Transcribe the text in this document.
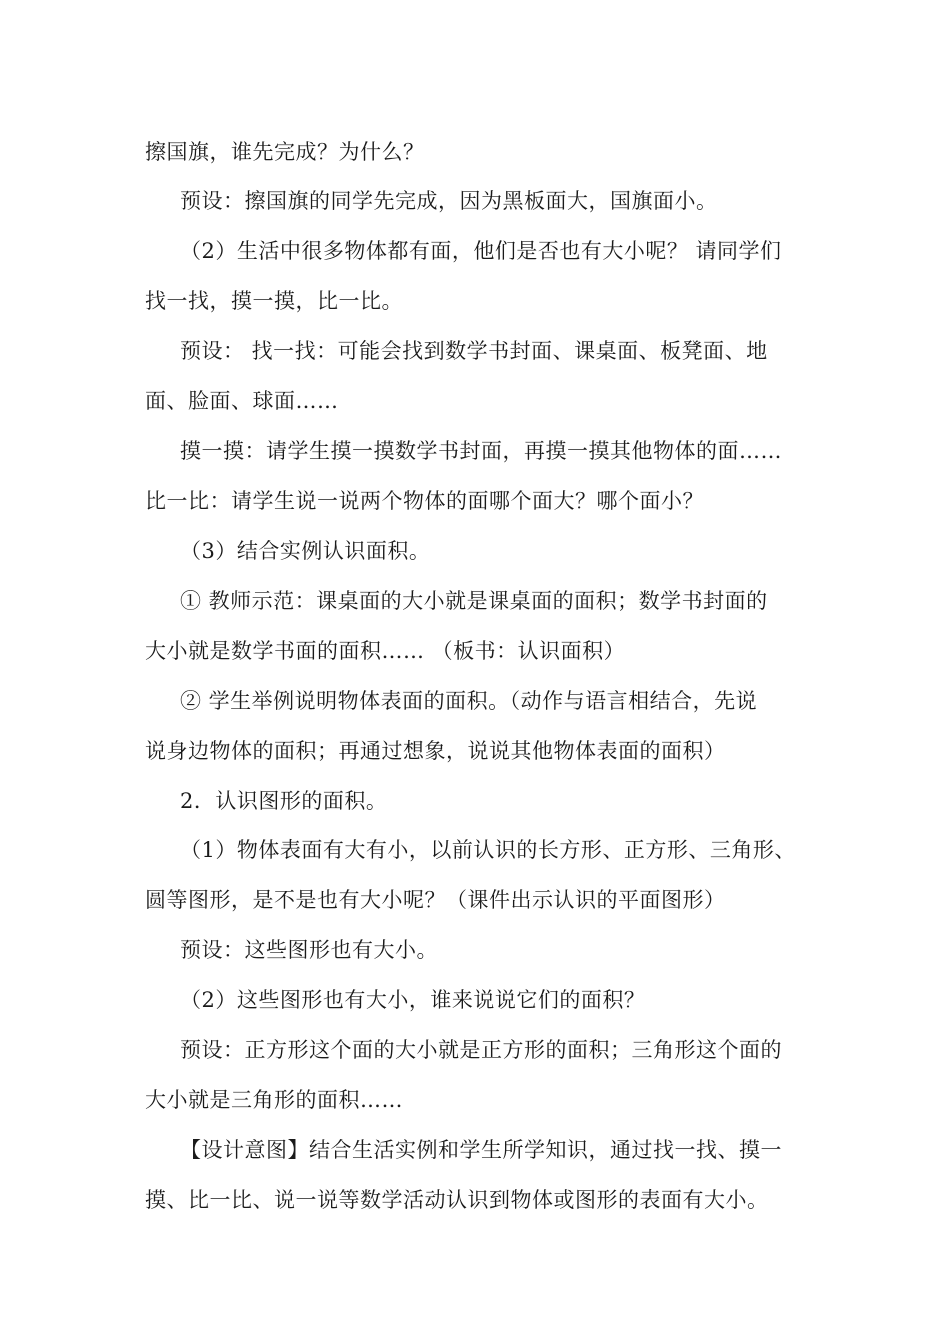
擦国旗，谁先完成？为什么？
预设：擦国旗的同学先完成，因为黑板面大，国旗面小。
（2）生活中很多物体都有面，他们是否也有大小呢？ 请同学们
找一找，摸一摸，比一比。
预设： 找一找：可能会找到数学书封面、课桌面、板凳面、地
面、脸面、球面……
摸一摸：请学生摸一摸数学书封面，再摸一摸其他物体的面……
比一比：请学生说一说两个物体的面哪个面大？哪个面小？
（3）结合实例认识面积。
① 教师示范：课桌面的大小就是课桌面的面积；数学书封面的
大小就是数学书面的面积…… （板书：认识面积）
② 学生举例说明物体表面的面积。（动作与语言相结合，先说
说身边物体的面积；再通过想象，说说其他物体表面的面积）
2．认识图形的面积。
（1）物体表面有大有小，以前认识的长方形、正方形、三角形、
圆等图形，是不是也有大小呢？（课件出示认识的平面图形）
预设：这些图形也有大小。
（2）这些图形也有大小，谁来说说它们的面积？
预设：正方形这个面的大小就是正方形的面积；三角形这个面的
大小就是三角形的面积……
【设计意图】结合生活实例和学生所学知识，通过找一找、摸一
摸、比一比、说一说等数学活动认识到物体或图形的表面有大小。
